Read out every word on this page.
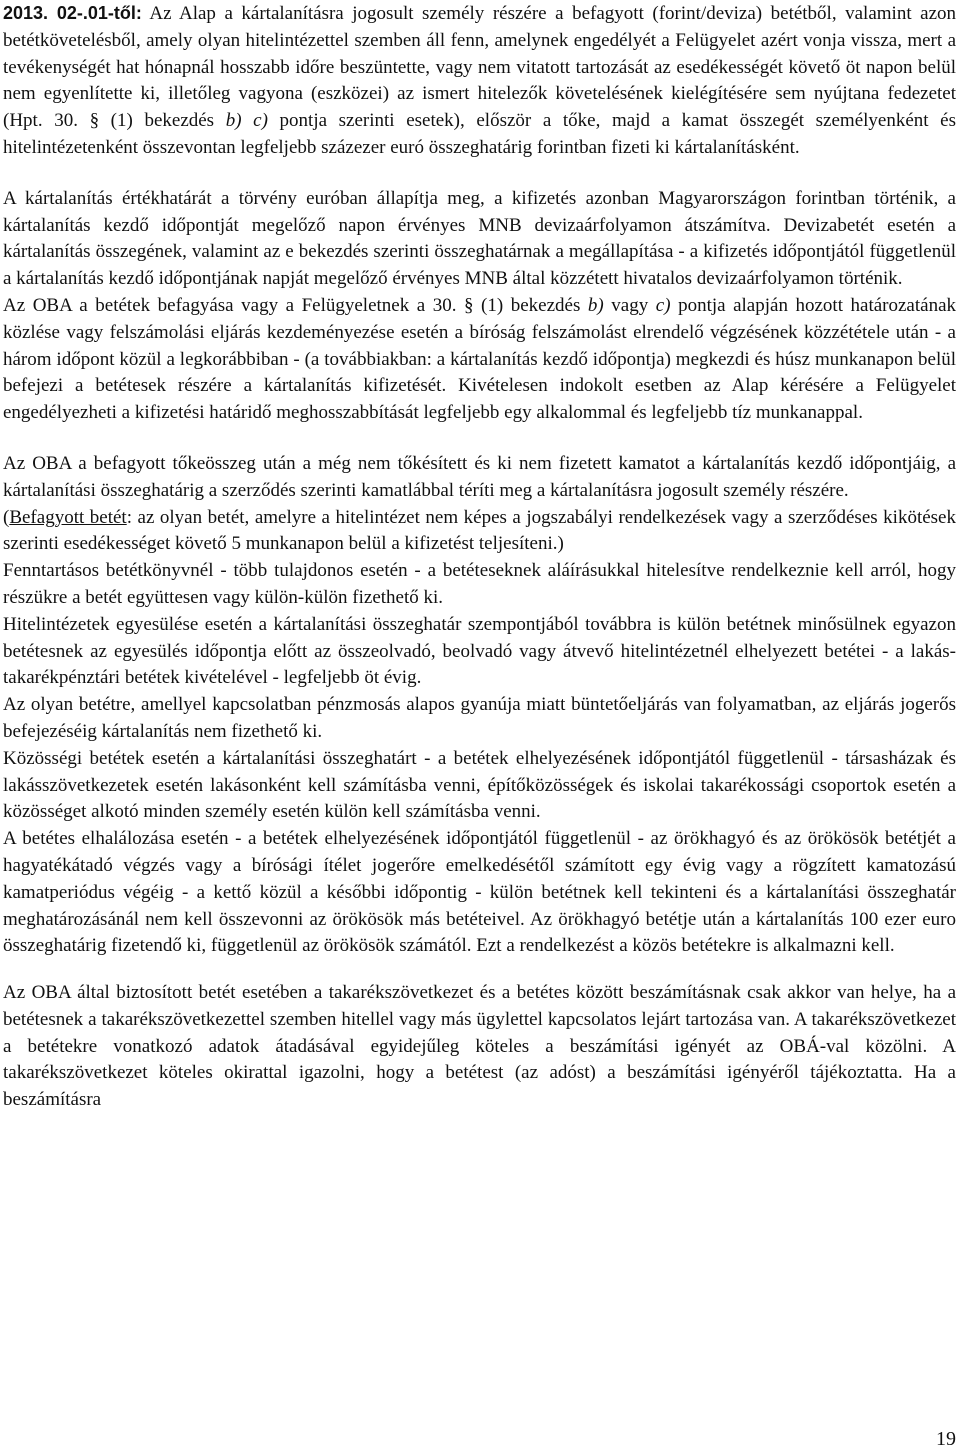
2013. 02-.01-től: Az Alap a kártalanításra jogosult személy részére a befagyott (forint/deviza) betétből, valamint azon betétkövetelésből, amely olyan hitelintézettel szemben áll fenn, amelynek engedélyét a Felügyelet azért vonja vissza, mert a tevékenységét hat hónapnál hosszabb időre beszüntette, vagy nem vitatott tartozását az esedékességét követő öt napon belül nem egyenlítette ki, illetőleg vagyona (eszközei) az ismert hitelezők követelésének kielégítésére sem nyújtana fedezetet (Hpt. 30. § (1) bekezdés b) c) pontja szerinti esetek), először a tőke, majd a kamat összegét személyenként és hitelintézetenként összevontan legfeljebb százezer euró összeghatárig forintban fizeti ki kártalanításként.

A kártalanítás értékhatárát a törvény euróban állapítja meg, a kifizetés azonban Magyarországon forintban történik, a kártalanítás kezdő időpontját megelőző napon érvényes MNB devizaárfolyamon átszámítva. Devizabetét esetén a kártalanítás összegének, valamint az e bekezdés szerinti összeghatárnak a megállapítása - a kifizetés időpontjától függetlenül a kártalanítás kezdő időpontjának napját megelőző érvényes MNB által közzétett hivatalos devizaárfolyamon történik.

Az OBA a betétek befagyása vagy a Felügyeletnek a 30. § (1) bekezdés b) vagy c) pontja alapján hozott határozatának közlése vagy felszámolási eljárás kezdeményezése esetén a bíróság felszámolást elrendelő végzésének közzététele után - a három időpont közül a legkorábbiban - (a továbbiakban: a kártalanítás kezdő időpontja) megkezdi és húsz munkanapon belül befejezi a betétesek részére a kártalanítás kifizetését. Kivételesen indokolt esetben az Alap kérésére a Felügyelet engedélyezheti a kifizetési határidő meghosszabbítását legfeljebb egy alkalommal és legfeljebb tíz munkanappal.

Az OBA a befagyott tőkeösszeg után a még nem tőkésített és ki nem fizetett kamatot a kártalanítás kezdő időpontjáig, a kártalanítási összeghatárig a szerződés szerinti kamatlábbal téríti meg a kártalanításra jogosult személy részére.

(Befagyott betét: az olyan betét, amelyre a hitelintézet nem képes a jogszabályi rendelkezések vagy a szerződéses kikötések szerinti esedékességet követő 5 munkanapon belül a kifizetést teljesíteni.)

Fenntartásos betétkönyvnél - több tulajdonos esetén - a betéteseknek aláírásukkal hitelesítve rendelkeznie kell arról, hogy részükre a betét együttesen vagy külön-külön fizethető ki.

Hitelintézetek egyesülése esetén a kártalanítási összeghatár szempontjából továbbra is külön betétnek minősülnek egyazon betétesnek az egyesülés időpontja előtt az összeolvadó, beolvadó vagy átvevő hitelintézetnél elhelyezett betétei - a lakás-takarékpénztári betétek kivételével - legfeljebb öt évig.

Az olyan betétre, amellyel kapcsolatban pénzmosás alapos gyanúja miatt büntetőeljárás van folyamatban, az eljárás jogerős befejezéséig kártalanítás nem fizethető ki.

Közösségi betétek esetén a kártalanítási összeghatárt - a betétek elhelyezésének időpontjától függetlenül - társasházak és lakásszövetkezetek esetén lakásonként kell számításba venni, építőközösségek és iskolai takarékossági csoportok esetén a közösséget alkotó minden személy esetén külön kell számításba venni.

A betétes elhalálozása esetén - a betétek elhelyezésének időpontjától függetlenül - az örökhagyó és az örökösök betétjét a hagyatékátadó végzés vagy a bírósági ítélet jogerőre emelkedésétől számított egy évig vagy a rögzített kamatozású kamatperiódus végéig - a kettő közül a későbbi időpontig - külön betétnek kell tekinteni és a kártalanítási összeghatár meghatározásánál nem kell összevonni az örökösök más betéteivel. Az örökhagyó betétje után a kártalanítás 100 ezer euro összeghatárig fizetendő ki, függetlenül az örökösök számától. Ezt a rendelkezést a közös betétekre is alkalmazni kell.

Az OBA által biztosított betét esetében a takarékszövetkezet és a betétes között beszámításnak csak akkor van helye, ha a betétesnek a takarékszövetkezettel szemben hitellel vagy más ügylettel kapcsolatos lejárt tartozása van. A takarékszövetkezet a betétekre vonatkozó adatok átadásával egyidejűleg köteles a beszámítási igényét az OBÁ-val közölni. A takarékszövetkezet köteles okirattal igazolni, hogy a betétest (az adóst) a beszámítási igényéről tájékoztatta. Ha a beszámításra

19
